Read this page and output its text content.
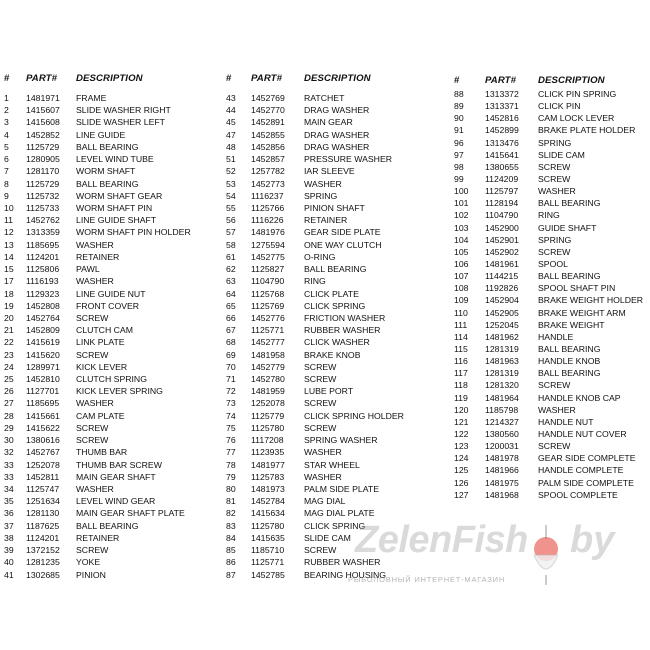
#	PART#	DESCRIPTION
1	1481971	FRAME
2	1415607	SLIDE WASHER RIGHT
3	1415608	SLIDE WASHER LEFT
4	1452852	LINE GUIDE
5	1125729	BALL BEARING
6	1280905	LEVEL WIND TUBE
7	1281170	WORM SHAFT
8	1125729	BALL BEARING
9	1125732	WORM SHAFT GEAR
10	1125733	WORM SHAFT PIN
11	1452762	LINE GUIDE SHAFT
12	1313359	WORM SHAFT PIN HOLDER
13	1185695	WASHER
14	1124201	RETAINER
15	1125806	PAWL
17	1116193	WASHER
18	1129323	LINE GUIDE NUT
19	1452808	FRONT COVER
20	1452764	SCREW
21	1452809	CLUTCH CAM
22	1415619	LINK PLATE
23	1415620	SCREW
24	1289971	KICK LEVER
25	1452810	CLUTCH SPRING
26	1127701	KICK LEVER SPRING
27	1185695	WASHER
28	1415661	CAM PLATE
29	1415622	SCREW
30	1380616	SCREW
32	1452767	THUMB BAR
33	1252078	THUMB BAR SCREW
33	1452811	MAIN GEAR SHAFT
34	1125747	WASHER
35	1251634	LEVEL WIND GEAR
36	1281130	MAIN GEAR SHAFT PLATE
37	1187625	BALL BEARING
38	1124201	RETAINER
39	1372152	SCREW
40	1281235	YOKE
41	1302685	PINION
#	PART#	DESCRIPTION
43	1452769	RATCHET
44	1452770	DRAG WASHER
45	1452891	MAIN GEAR
47	1452855	DRAG WASHER
48	1452856	DRAG WASHER
51	1452857	PRESSURE WASHER
52	1257782	IAR SLEEVE
53	1452773	WASHER
54	1116237	SPRING
55	1125766	PINION SHAFT
56	1116226	RETAINER
57	1481976	GEAR SIDE PLATE
58	1275594	ONE WAY CLUTCH
61	1452775	O-RING
62	1125827	BALL BEARING
63	1104790	RING
64	1125768	CLICK PLATE
65	1125769	CLICK SPRING
66	1452776	FRICTION WASHER
67	1125771	RUBBER WASHER
68	1452777	CLICK WASHER
69	1481958	BRAKE KNOB
70	1452779	SCREW
71	1452780	SCREW
72	1481959	LUBE PORT
73	1252078	SCREW
74	1125779	CLICK SPRING HOLDER
75	1125780	SCREW
76	1117208	SPRING WASHER
77	1123935	WASHER
78	1481977	STAR WHEEL
79	1125783	WASHER
80	1481973	PALM SIDE PLATE
81	1452784	MAG DIAL
82	1415634	MAG DIAL PLATE
83	1125780	CLICK SPRING
84	1415635	SLIDE CAM
85	1185710	SCREW
86	1125771	RUBBER WASHER
87	1452785	BEARING HOUSING
#	PART#	DESCRIPTION
88	1313372	CLICK PIN SPRING
89	1313371	CLICK PIN
90	1452816	CAM LOCK LEVER
91	1452899	BRAKE PLATE HOLDER
96	1313476	SPRING
97	1415641	SLIDE CAM
98	1380655	SCREW
99	1124209	SCREW
100	1125797	WASHER
101	1128194	BALL BEARING
102	1104790	RING
103	1452900	GUIDE SHAFT
104	1452901	SPRING
105	1452902	SCREW
106	1481961	SPOOL
107	1144215	BALL BEARING
108	1192826	SPOOL SHAFT PIN
109	1452904	BRAKE WEIGHT HOLDER
110	1452905	BRAKE WEIGHT ARM
111	1252045	BRAKE WEIGHT
114	1481962	HANDLE
115	1281319	BALL BEARING
116	1481963	HANDLE KNOB
117	1281319	BALL BEARING
118	1281320	SCREW
119	1481964	HANDLE KNOB CAP
120	1185798	WASHER
121	1214327	HANDLE NUT
122	1380560	HANDLE NUT COVER
123	1200031	SCREW
124	1481978	GEAR SIDE COMPLETE
125	1481966	HANDLE COMPLETE
126	1481975	PALM SIDE COMPLETE
127	1481968	SPOOL COMPLETE
ZelenFish by
РЫБОЛОВНЫЙ ИНТЕРНЕТ-МАГАЗИН
